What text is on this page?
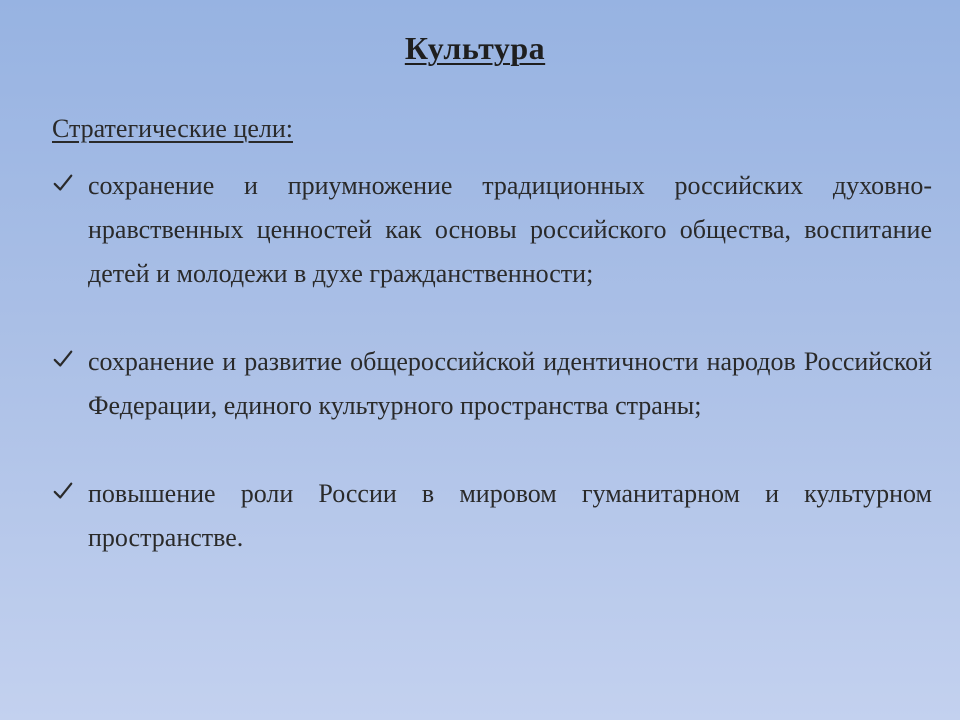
Культура
Стратегические цели:
сохранение и приумножение традиционных российских духовно-нравственных ценностей как основы российского общества, воспитание детей и молодежи в духе гражданственности;
сохранение и развитие общероссийской идентичности народов Российской Федерации, единого культурного пространства страны;
повышение роли России в мировом гуманитарном и культурном пространстве.
